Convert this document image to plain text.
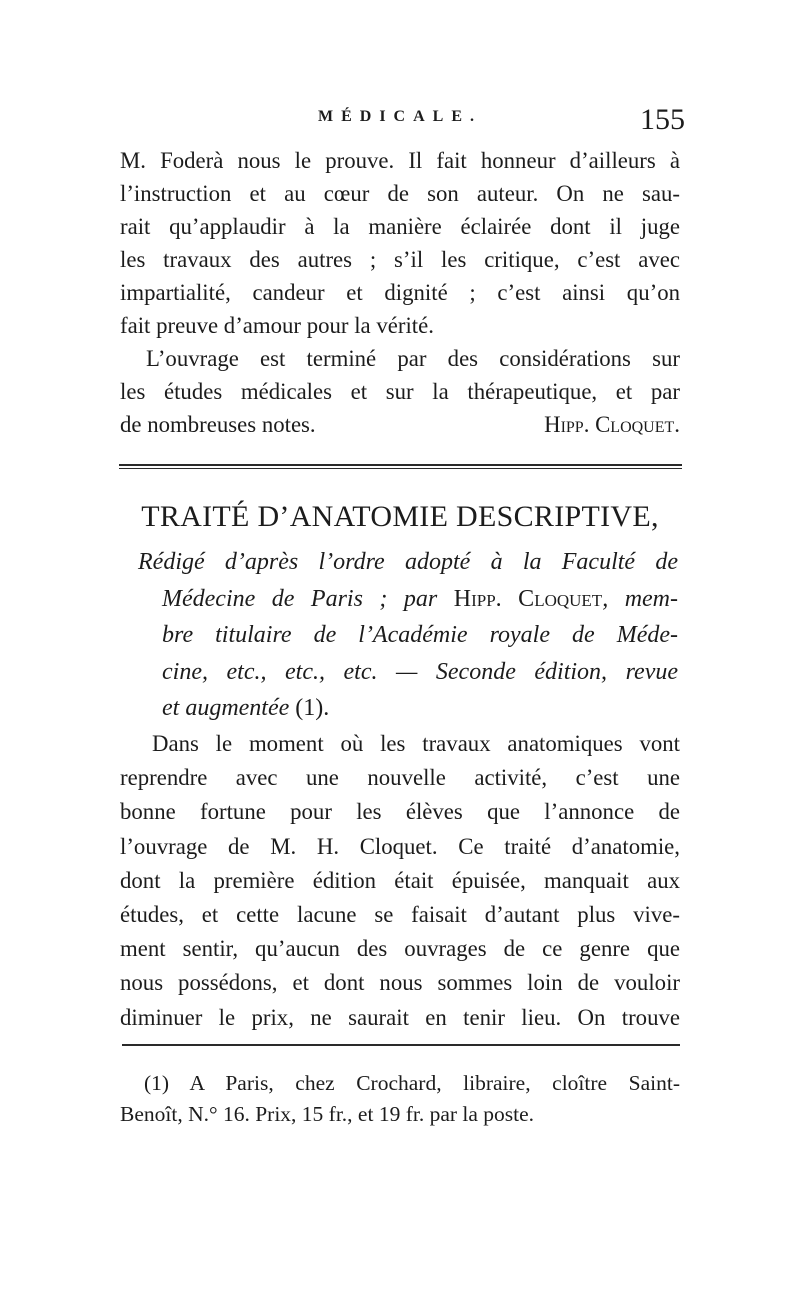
MÉDICALE.	155
M. Foderà nous le prouve. Il fait honneur d’ailleurs à
l’instruction et au cœur de son auteur. On ne sau-
rait qu’applaudir à la manière éclairée dont il juge
les travaux des autres ; s’il les critique, c’est avec
impartialité, candeur et dignité ; c’est ainsi qu’on
fait preuve d’amour pour la vérité.
L’ouvrage est terminé par des considérations sur
les études médicales et sur la thérapeutique, et par
de nombreuses notes.	Hipp. Cloquet.
TRAITÉ D’ANATOMIE DESCRIPTIVE,
Rédigé d’après l’ordre adopté à la Faculté de
Médecine de Paris ; par Hipp. Cloquet, mem-
bre titulaire de l’Académie royale de Méde-
cine, etc., etc., etc. — Seconde édition, revue
et augmentée (1).
Dans le moment où les travaux anatomiques vont
reprendre avec une nouvelle activité, c’est une
bonne fortune pour les élèves que l’annonce de
l’ouvrage de M. H. Cloquet. Ce traité d’anatomie,
dont la première édition était épuisée, manquait aux
études, et cette lacune se faisait d’autant plus vive-
ment sentir, qu’aucun des ouvrages de ce genre que
nous possédons, et dont nous sommes loin de vouloir
diminuer le prix, ne saurait en tenir lieu. On trouve
(1) A Paris, chez Crochard, libraire, cloître Saint-
Benoît, N.° 16. Prix, 15 fr., et 19 fr. par la poste.
